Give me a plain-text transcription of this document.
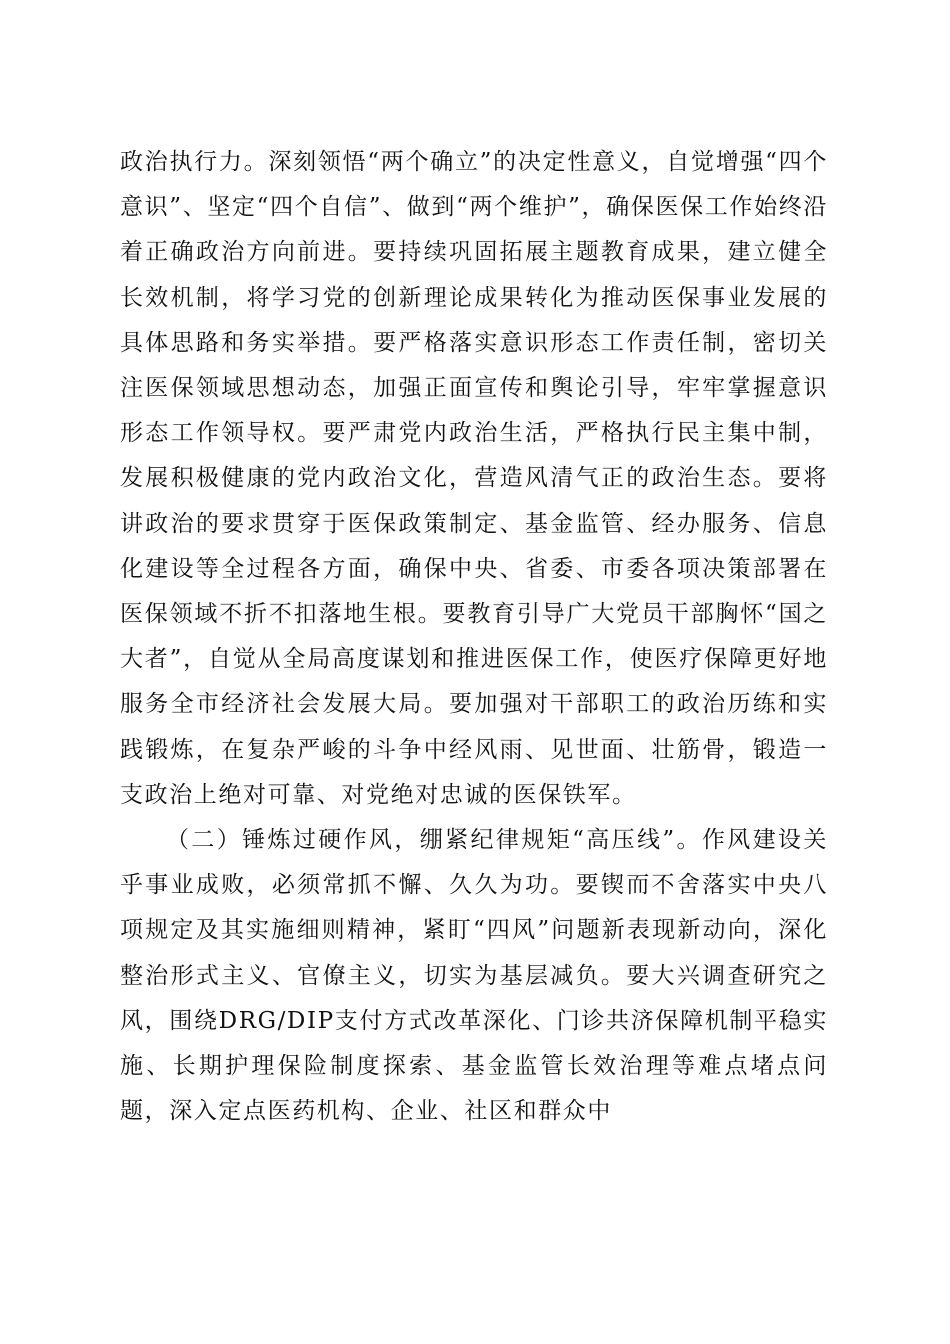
政治执行力。深刻领悟“两个确立”的决定性意义，自觉增强“四个意识”、坚定“四个自信”、做到“两个维护”，确保医保工作始终沿着正确政治方向前进。要持续巩固拓展主题教育成果，建立健全长效机制，将学习党的创新理论成果转化为推动医保事业发展的具体思路和务实举措。要严格落实意识形态工作责任制，密切关注医保领域思想动态，加强正面宣传和舆论引导，牢牢掌握意识形态工作领导权。要严肃党内政治生活，严格执行民主集中制，发展积极健康的党内政治文化，营造风清气正的政治生态。要将讲政治的要求贯穿于医保政策制定、基金监管、经办服务、信息化建设等全过程各方面，确保中央、省委、市委各项决策部署在医保领域不折不扣落地生根。要教育引导广大党员干部胸怀“国之大者”，自觉从全局高度谋划和推进医保工作，使医疗保障更好地服务全市经济社会发展大局。要加强对干部职工的政治历练和实践锻炼，在复杂严峻的斗争中经风雨、见世面、壮筋骨，锻造一支政治上绝对可靠、对党绝对忠诚的医保铁军。

（二）锤炼过硬作风，绷紧纪律规矩“高压线”。作风建设关乎事业成败，必须常抓不懈、久久为功。要锲而不舍落实中央八项规定及其实施细则精神，紧盯“四风”问题新表现新动向，深化整治形式主义、官僚主义，切实为基层减负。要大兴调查研究之风，围绕DRG/DIP支付方式改革深化、门诊共济保障机制平稳实施、长期护理保险制度探索、基金监管长效治理等难点堵点问题，深入定点医药机构、企业、社区和群众中
